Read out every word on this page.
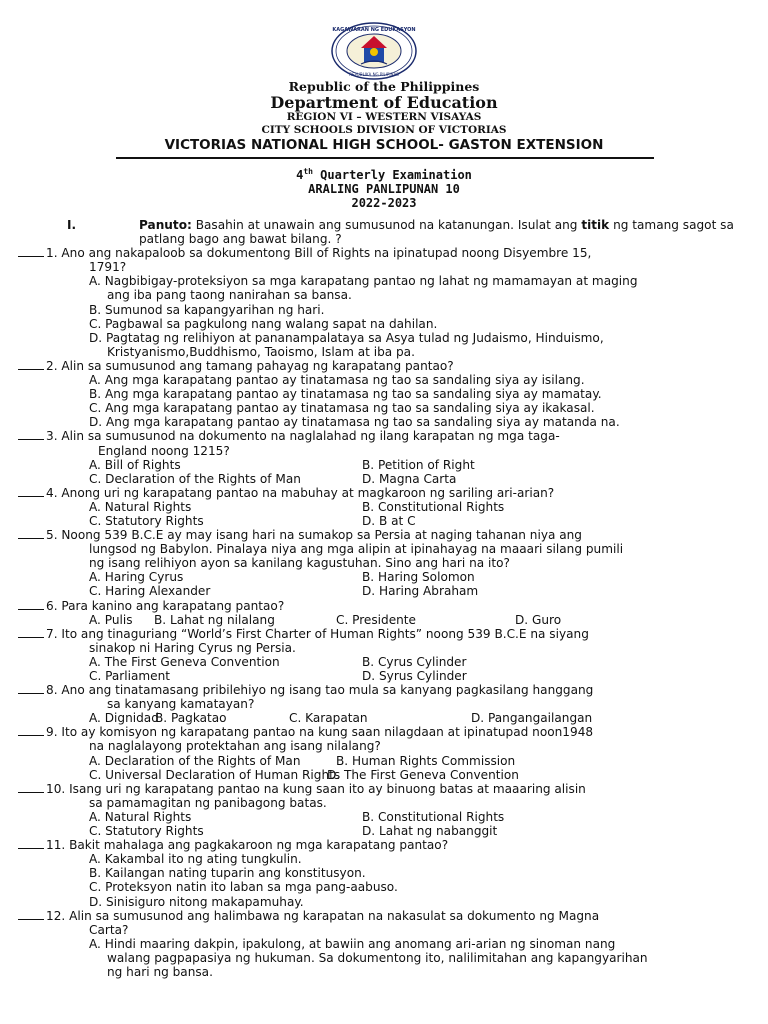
KAGAWARAN NG EDUKASYON
REPUBLIKA NG PILIPINAS
Republic of the Philippines
Department of Education
REGION VI – WESTERN VISAYAS
CITY SCHOOLS DIVISION OF VICTORIAS
VICTORIAS NATIONAL HIGH SCHOOL- GASTON EXTENSION
4th Quarterly Examination
ARALING PANLIPUNAN 10
2022-2023
I.	Panuto: Basahin at unawain ang sumusunod na katanungan. Isulat ang titik ng tamang sagot sa patlang bago ang bawat bilang. ?
1. Ano ang nakapaloob sa dokumentong Bill of Rights na ipinatupad noong Disyembre 15,
1791?
A. Nagbibigay-proteksiyon sa mga karapatang pantao ng lahat ng mamamayan at maging
ang iba pang taong nanirahan sa bansa.
B. Sumunod sa kapangyarihan ng hari.
C. Pagbawal sa pagkulong nang walang sapat na dahilan.
D. Pagtatag ng relihiyon at pananampalataya sa Asya tulad ng Judaismo, Hinduismo,
Kristyanismo,Buddhismo, Taoismo, Islam at iba pa.
2. Alin sa sumusunod ang tamang pahayag ng karapatang pantao?
A. Ang mga karapatang pantao ay tinatamasa ng tao sa sandaling siya ay isilang.
B. Ang mga karapatang pantao ay tinatamasa ng tao sa sandaling siya ay mamatay.
C. Ang mga karapatang pantao ay tinatamasa ng tao sa sandaling siya ay ikakasal.
D. Ang mga karapatang pantao ay tinatamasa ng tao sa sandaling siya ay matanda na.
3. Alin sa sumusunod na dokumento na naglalahad ng ilang karapatan ng mga taga-
England noong 1215?
A. Bill of Rights	B. Petition of Right
C. Declaration of the Rights of Man	D. Magna Carta
4. Anong uri ng karapatang pantao na mabuhay at magkaroon ng sariling ari-arian?
A. Natural Rights	B. Constitutional Rights
C. Statutory Rights	D. B at C
5. Noong 539 B.C.E ay may isang hari na sumakop sa Persia at naging tahanan niya ang
lungsod ng Babylon. Pinalaya niya ang mga alipin at ipinahayag na maaari silang pumili
ng isang relihiyon ayon sa kanilang kagustuhan. Sino ang hari na ito?
A. Haring Cyrus	B. Haring Solomon
C. Haring Alexander	D. Haring Abraham
6. Para kanino ang karapatang pantao?
A. Pulis B. Lahat ng nilalang	C. Presidente	D. Guro
7. Ito ang tinaguriang “World’s First Charter of Human Rights” noong 539 B.C.E na siyang
sinakop ni Haring Cyrus ng Persia.
A. The First Geneva Convention	B. Cyrus Cylinder
C. Parliament	D. Syrus Cylinder
8. Ano ang tinatamasang pribilehiyo ng isang tao mula sa kanyang pagkasilang hanggang
sa kanyang kamatayan?
A. Dignidad
B. Pagkatao	C. Karapatan	D. Pangangailangan
9. Ito ay komisyon ng karapatang pantao na kung saan nilagdaan at ipinatupad noon1948
na naglalayong protektahan ang isang nilalang?
A. Declaration of the Rights of Man	B. Human Rights Commission
C. Universal Declaration of Human Rights
D. The First Geneva Convention
10. Isang uri ng karapatang pantao na kung saan ito ay binuong batas at maaaring alisin
sa pamamagitan ng panibagong batas.
A. Natural Rights	B. Constitutional Rights
C. Statutory Rights	D. Lahat ng nabanggit
11. Bakit mahalaga ang pagkakaroon ng mga karapatang pantao?
A. Kakambal ito ng ating tungkulin.
B. Kailangan nating tuparin ang konstitusyon.
C. Proteksyon natin ito laban sa mga pang-aabuso.
D. Sinisiguro nitong makapamuhay.
12. Alin sa sumusunod ang halimbawa ng karapatan na nakasulat sa dokumento ng Magna
Carta?
A. Hindi maaring dakpin, ipakulong, at bawiin ang anomang ari-arian ng sinoman nang
walang pagpapasiya ng hukuman. Sa dokumentong ito, nalilimitahan ang kapangyarihan
ng hari ng bansa.
